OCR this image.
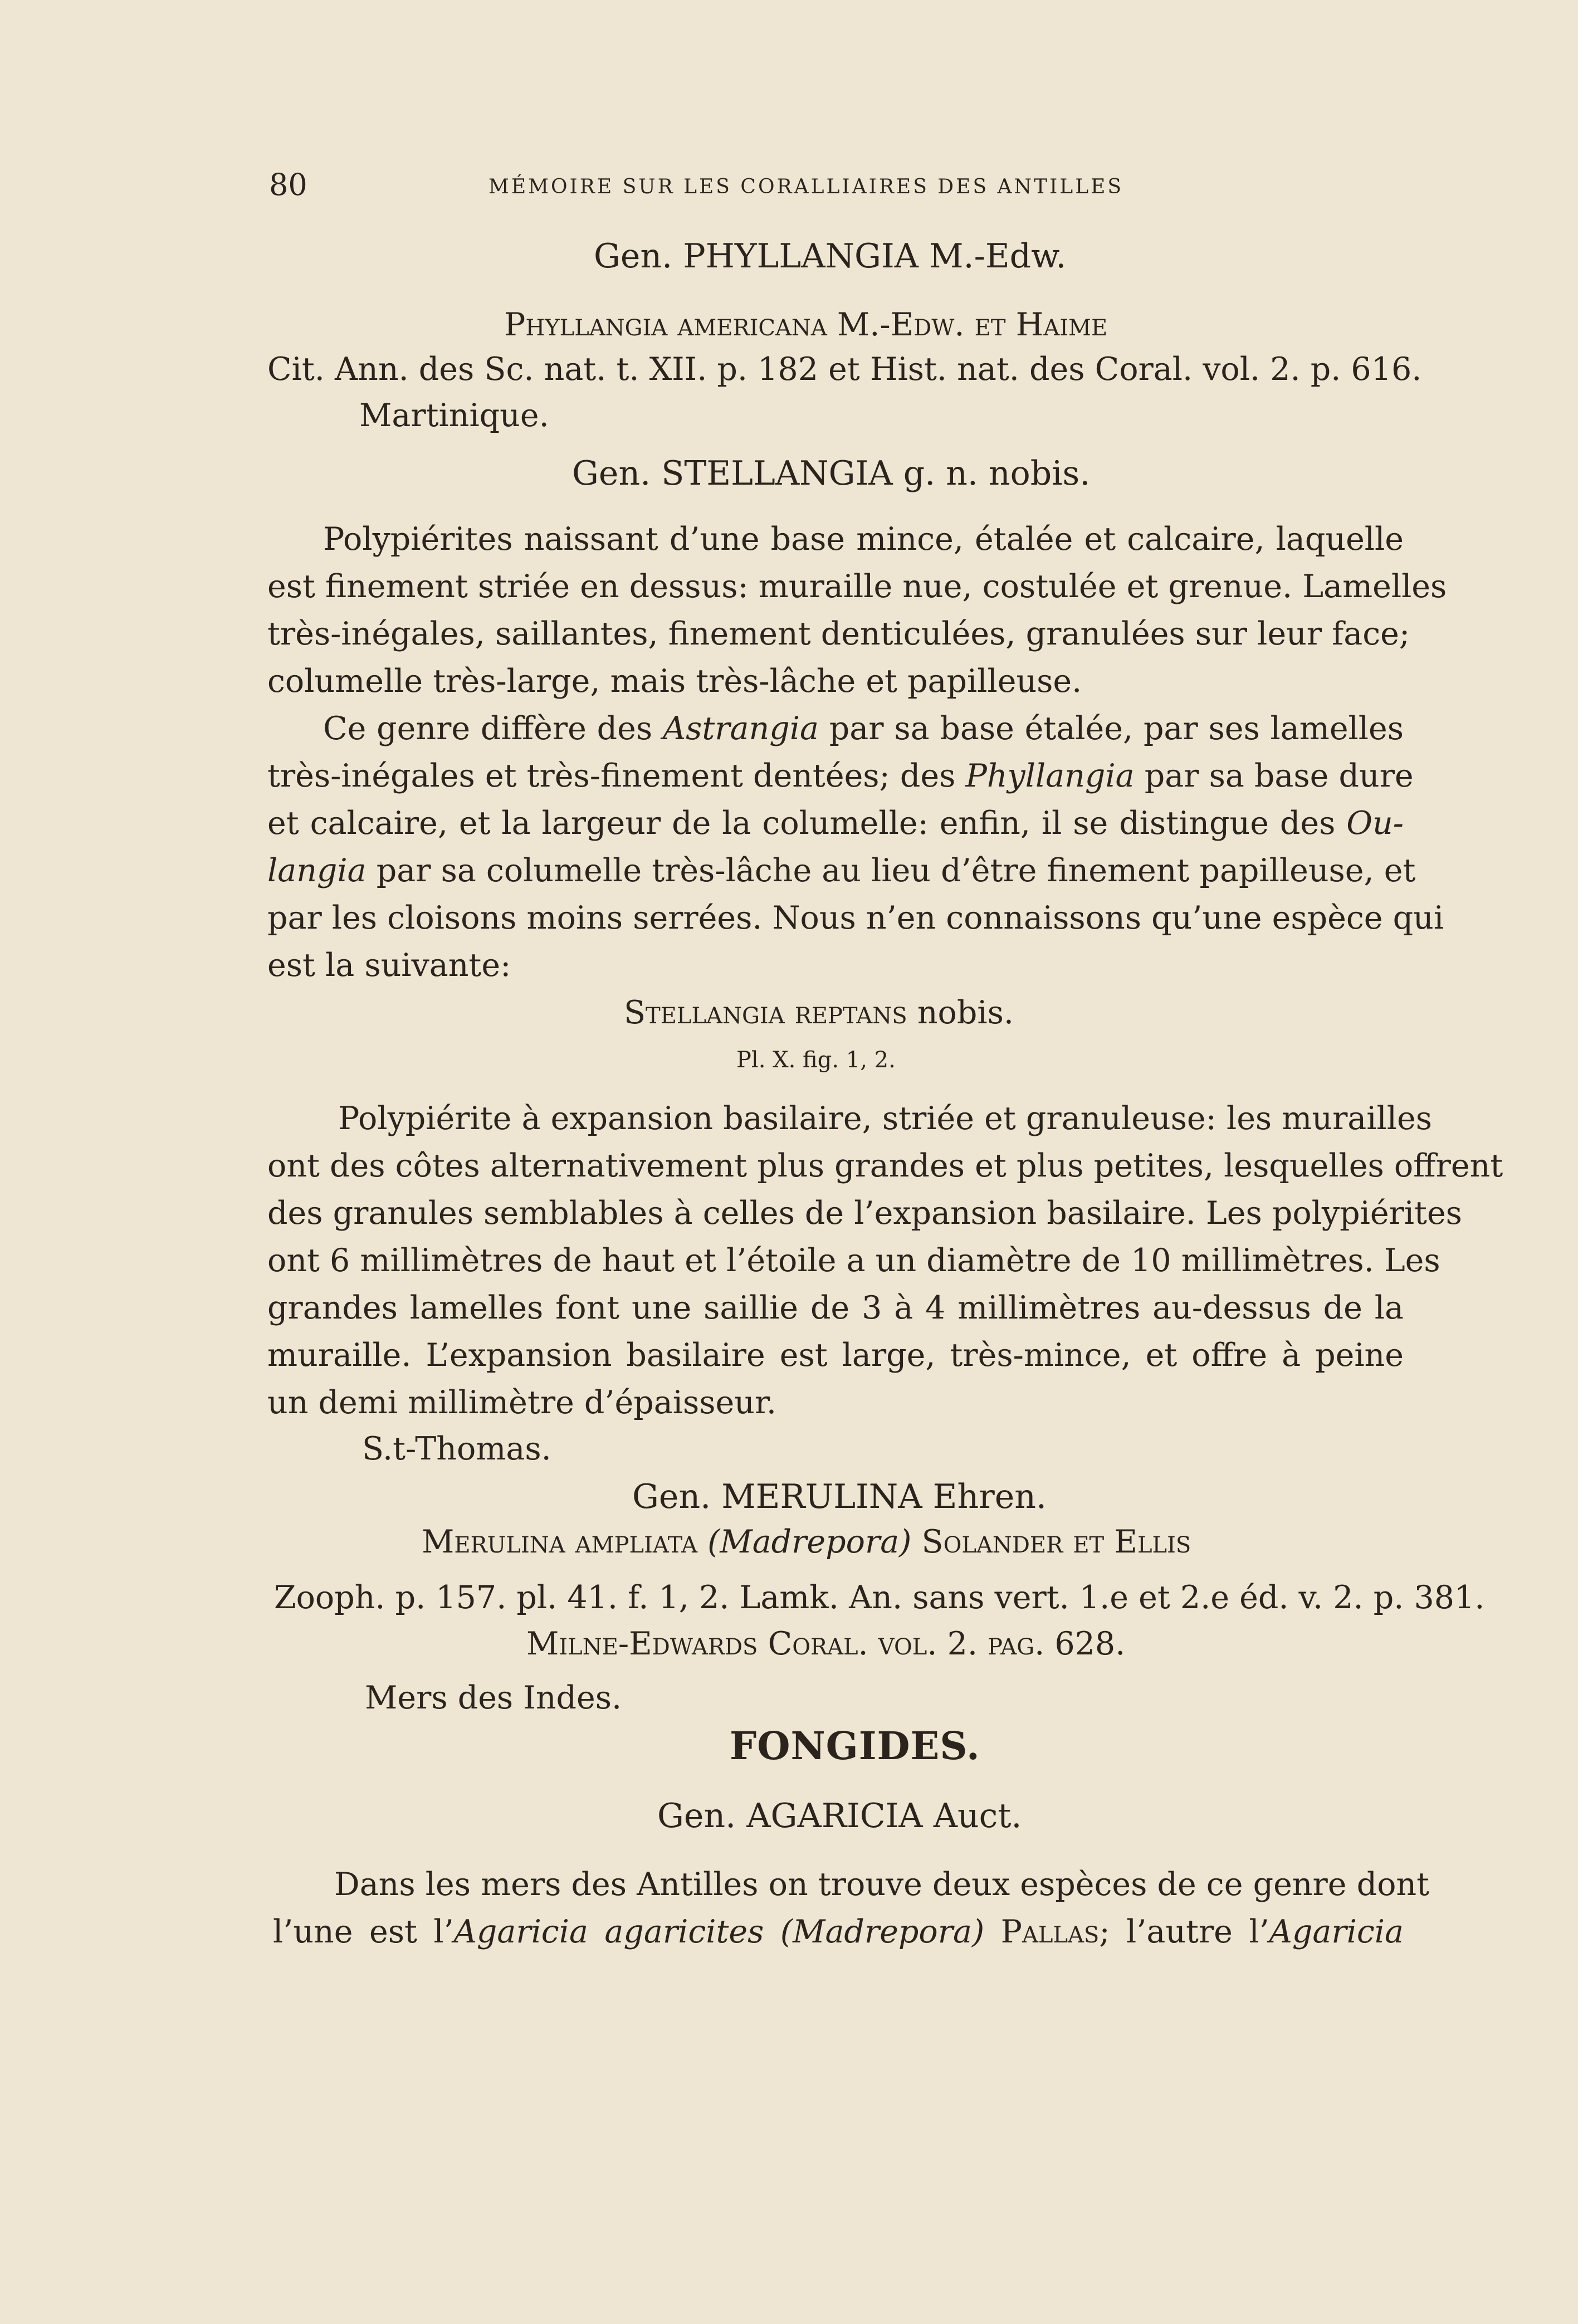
80	MÉMOIRE SUR LES CORALLIAIRES DES ANTILLES

Gen. PHYLLANGIA M.-Edw.

Phyllangia americana M.-Edw. et Haime

Cit. Ann. des Sc. nat. t. XII. p. 182 et Hist. nat. des Coral. vol. 2. p. 616.

Martinique.

Gen. STELLANGIA g. n. nobis.

Polypiérites naissant d’une base mince, étalée et calcaire, laquelle

est finement striée en dessus: muraille nue, costulée et grenue. Lamelles

très-inégales, saillantes, finement denticulées, granulées sur leur face;

columelle très-large, mais très-lâche et papilleuse.

Ce genre diffère des Astrangia par sa base étalée, par ses lamelles

très-inégales et très-finement dentées; des Phyllangia par sa base dure

et calcaire, et la largeur de la columelle: enfin, il se distingue des Ou-

langia par sa columelle très-lâche au lieu d’être finement papilleuse, et

par les cloisons moins serrées. Nous n’en connaissons qu’une espèce qui

est la suivante:

Stellangia reptans nobis.

Pl. X. fig. 1, 2.

Polypiérite à expansion basilaire, striée et granuleuse: les murailles

ont des côtes alternativement plus grandes et plus petites, lesquelles offrent

des granules semblables à celles de l’expansion basilaire. Les polypiérites

ont 6 millimètres de haut et l’étoile a un diamètre de 10 millimètres. Les

grandes lamelles font une saillie de 3 à 4 millimètres au-dessus de la

muraille. L’expansion basilaire est large, très-mince, et offre à peine

un demi millimètre d’épaisseur.

S.t-Thomas.

Gen. MERULINA Ehren.

Merulina ampliata (Madrepora) Solander et Ellis

Zooph. p. 157. pl. 41. f. 1, 2. Lamk. An. sans vert. 1.e et 2.e éd. v. 2. p. 381.

Milne-Edwards Coral. vol. 2. pag. 628.

Mers des Indes.

FONGIDES.

Gen. AGARICIA Auct.

Dans les mers des Antilles on trouve deux espèces de ce genre dont

l’une est l’Agaricia agaricites (Madrepora) Pallas; l’autre l’Agaricia
